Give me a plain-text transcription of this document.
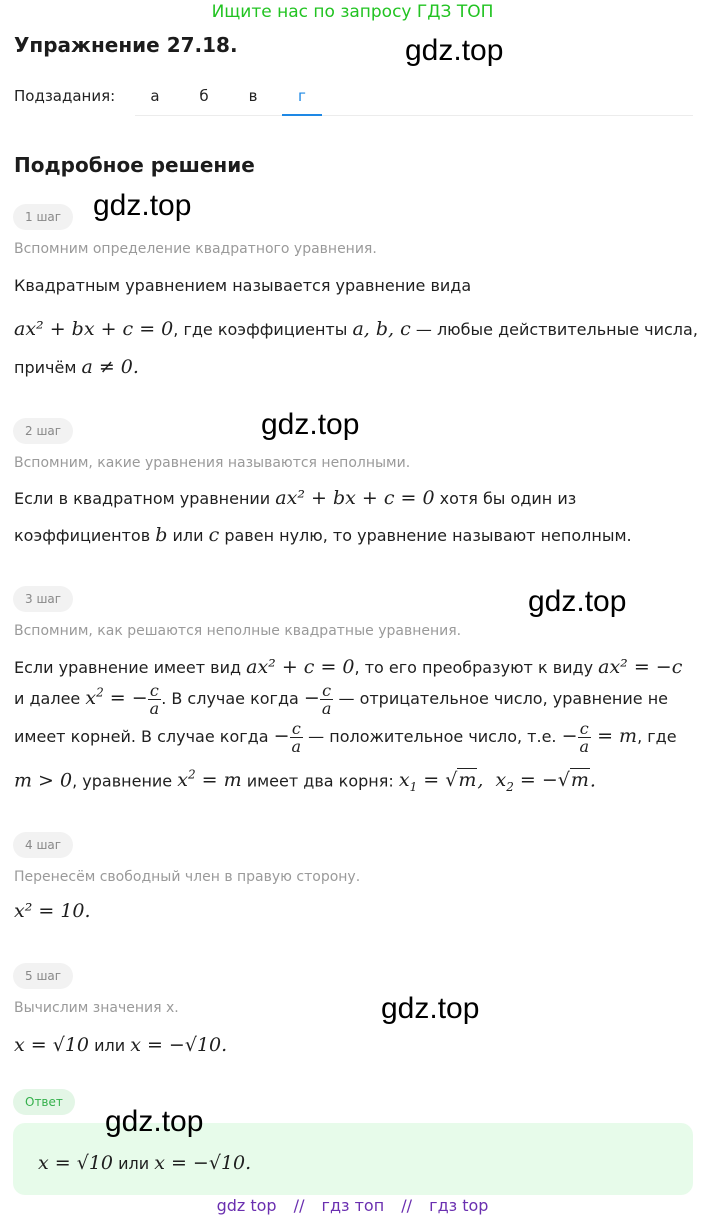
Ищите нас по запросу ГДЗ ТОП
Упражнение 27.18.	gdz.top
Подзадания:	а	б	в	г
Подробное решение
1 шаг	gdz.top
Вспомним определение квадратного уравнения.
Квадратным уравнением называется уравнение вида
ax² + bx + c = 0, где коэффициенты a, b, c — любые действительные числа,
причём a ≠ 0.
2 шаг	gdz.top
Вспомним, какие уравнения называются неполными.
Если в квадратном уравнении ax² + bx + c = 0 хотя бы один из
коэффициентов b или c равен нулю, то уравнение называют неполным.
3 шаг	gdz.top
Вспомним, как решаются неполные квадратные уравнения.
Если уравнение имеет вид ax² + c = 0, то его преобразуют к виду ax² = −c
и далее $x^2$ = − $\frac{c}{a}$ . В случае когда − $\frac{c}{a}$ — отрицательное число, уравнение не
имеет корней. В случае когда − $\frac{c}{a}$ — положительное число, т.е. − $\frac{c}{a} = m$, где
m > 0, уравнение $x^2 = m$ имеет два корня: $x_1 = √m$,  $x_2 = -√m$.
4 шаг
Перенесём свободный член в правую сторону.
x² = 10.
5 шаг
gdz.top
Вычислим значения x.
x = √10 или x = −√10.
Ответ
gdz.top
x = √10 или x = −√10.
gdz top // гдз топ // гдз top
